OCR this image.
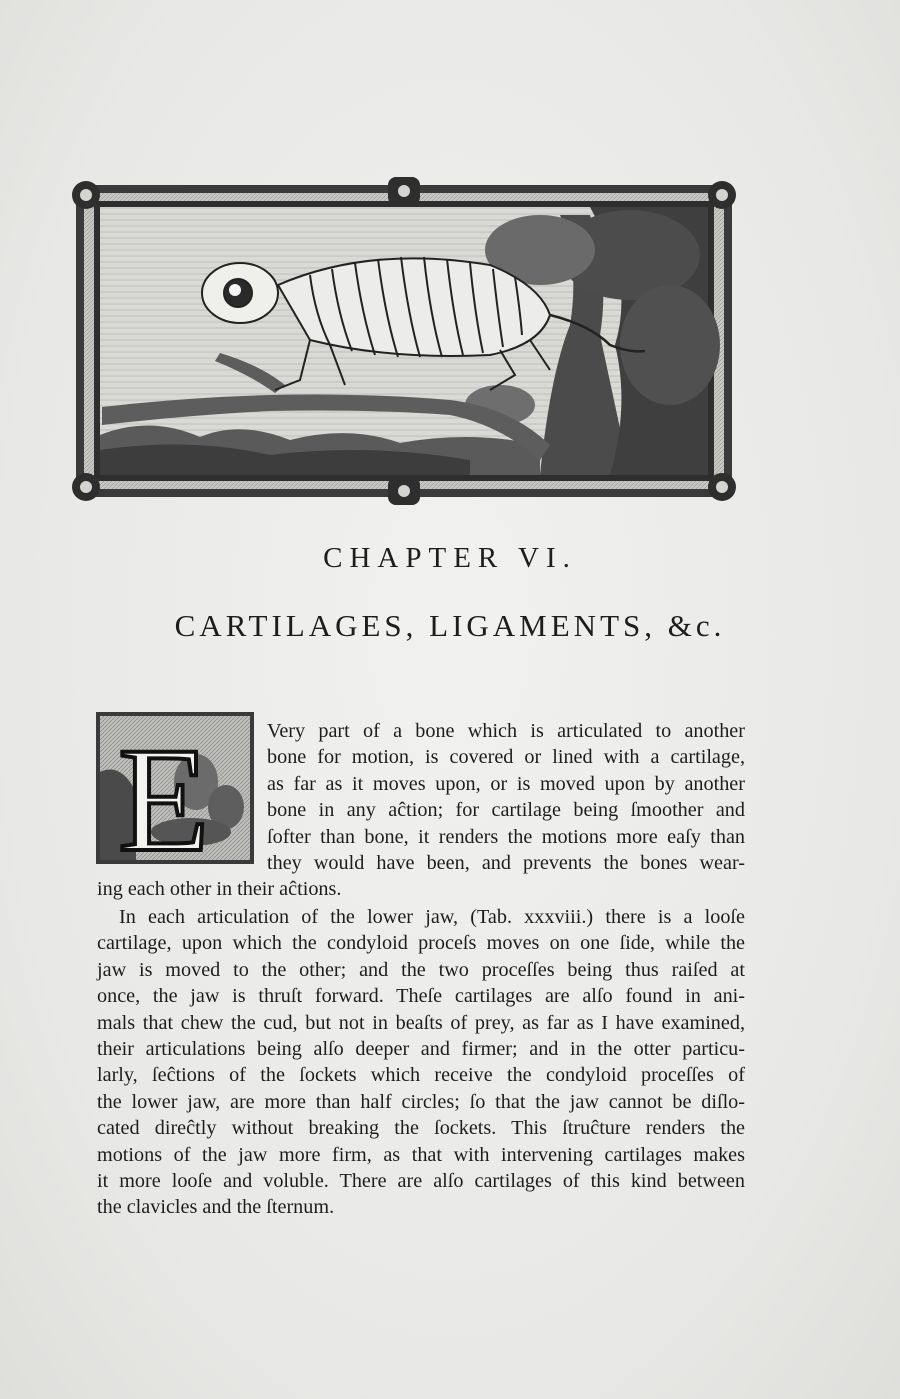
CHAPTER VI.
CARTILAGES, LIGAMENTS, &c.
E	Very part of a bone which is articulated to another
bone for motion, is covered or lined with a cartilage,
as far as it moves upon, or is moved upon by another
bone in any aĉtion; for cartilage being ſmoother and
ſofter than bone, it renders the motions more eaſy than
they would have been, and prevents the bones wear-
ing each other in their aĉtions.
In each articulation of the lower jaw, (Tab. xxxviii.) there is a looſe
cartilage, upon which the condyloid proceſs moves on one ſide, while the
jaw is moved to the other; and the two proceſſes being thus raiſed at
once, the jaw is thruſt forward. Theſe cartilages are alſo found in ani-
mals that chew the cud, but not in beaſts of prey, as far as I have examined,
their articulations being alſo deeper and firmer; and in the otter particu-
larly, ſeĉtions of the ſockets which receive the condyloid proceſſes of
the lower jaw, are more than half circles; ſo that the jaw cannot be diſlo-
cated direĉtly without breaking the ſockets. This ſtruĉture renders the
motions of the jaw more firm, as that with intervening cartilages makes
it more looſe and voluble. There are alſo cartilages of this kind between
the clavicles and the ſternum.
